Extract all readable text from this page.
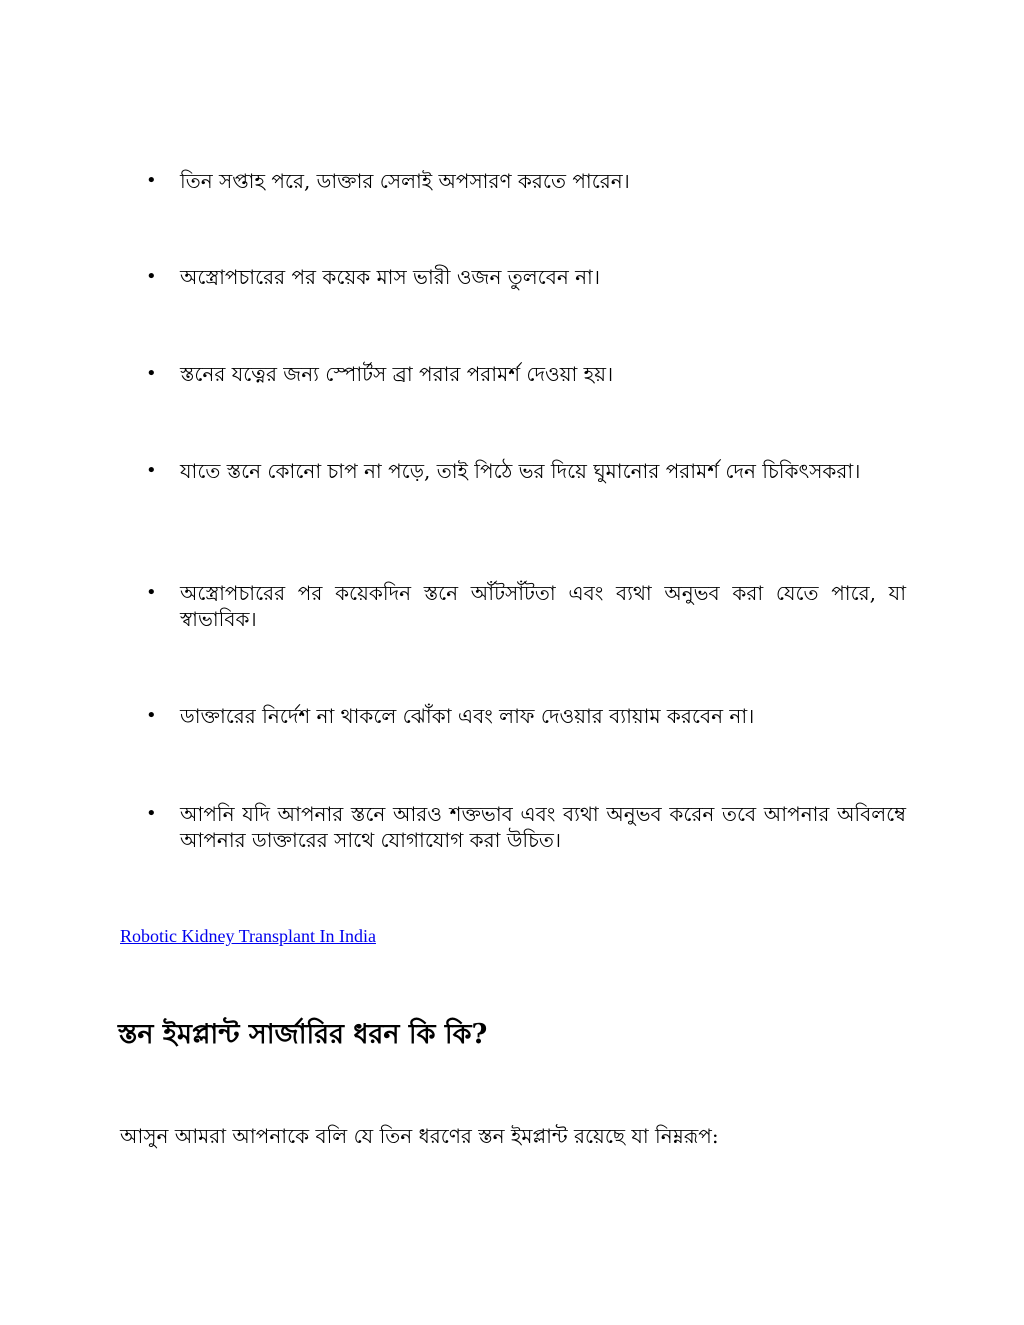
•	তিন সপ্তাহ পরে, ডাক্তার সেলাই অপসারণ করতে পারেন।
•	অস্ত্রোপচারের পর কয়েক মাস ভারী ওজন তুলবেন না।
•	স্তনের যত্নের জন্য স্পোর্টস ব্রা পরার পরামর্শ দেওয়া হয়।
•	যাতে স্তনে কোনো চাপ না পড়ে, তাই পিঠে ভর দিয়ে ঘুমানোর পরামর্শ দেন চিকিৎসকরা।
•	অস্ত্রোপচারের পর কয়েকদিন স্তনে আঁটসাঁটতা এবং ব্যথা অনুভব করা যেতে পারে, যা স্বাভাবিক।
•	ডাক্তারের নির্দেশ না থাকলে ঝোঁকা এবং লাফ দেওয়ার ব্যায়াম করবেন না।
•	আপনি যদি আপনার স্তনে আরও শক্তভাব এবং ব্যথা অনুভব করেন তবে আপনার অবিলম্বে আপনার ডাক্তারের সাথে যোগাযোগ করা উচিত।
Robotic Kidney Transplant In India
স্তন ইমপ্লান্ট সার্জারির ধরন কি কি?

আসুন আমরা আপনাকে বলি যে তিন ধরণের স্তন ইমপ্লান্ট রয়েছে যা নিম্নরূপ:
